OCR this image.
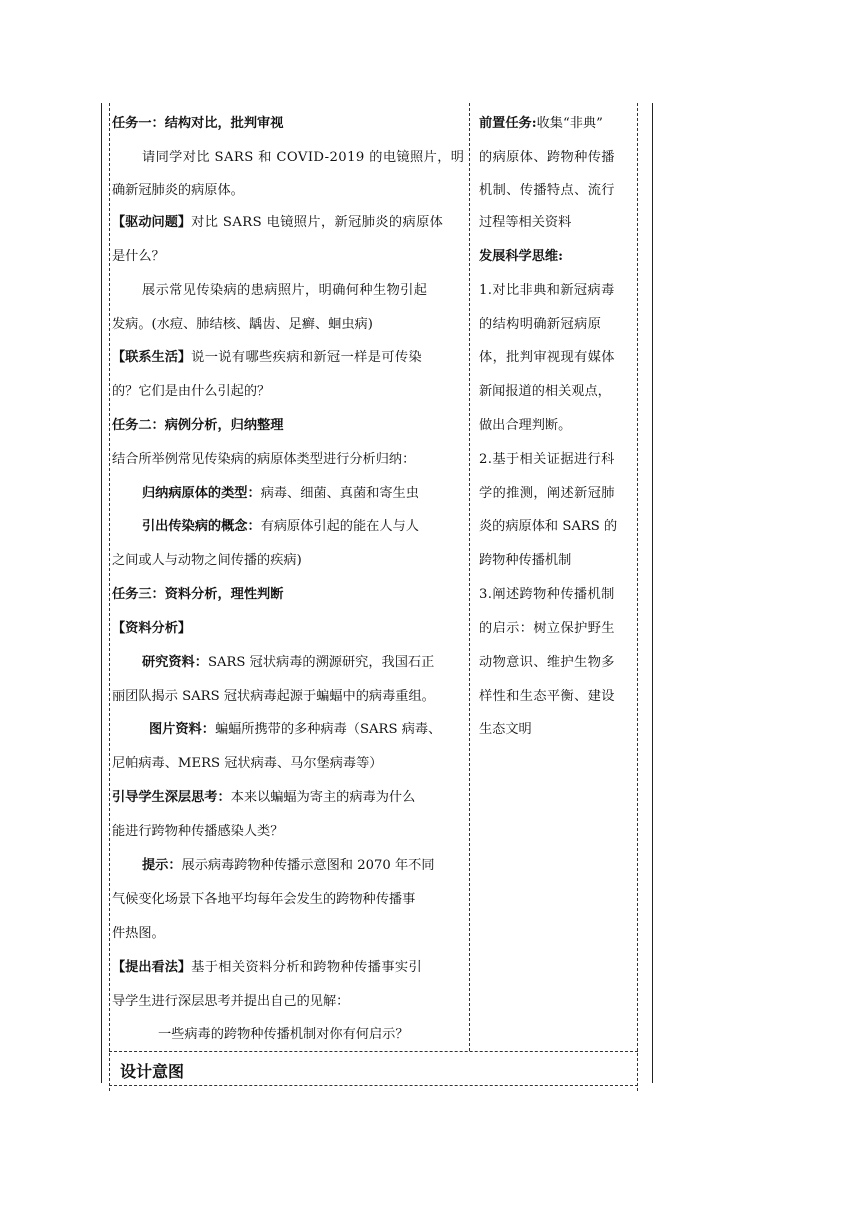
任务一：结构对比，批判审视
请同学对比 SARS 和 COVID-2019 的电镜照片，明
确新冠肺炎的病原体。
【驱动问题】对比 SARS 电镜照片，新冠肺炎的病原体
是什么？
展示常见传染病的患病照片，明确何种生物引起
发病。(水痘、肺结核、龋齿、足癣、蛔虫病)
【联系生活】说一说有哪些疾病和新冠一样是可传染
的？它们是由什么引起的？
任务二：病例分析，归纳整理
结合所举例常见传染病的病原体类型进行分析归纳：
归纳病原体的类型：病毒、细菌、真菌和寄生虫
引出传染病的概念：有病原体引起的能在人与人
之间或人与动物之间传播的疾病)
任务三：资料分析，理性判断
【资料分析】
研究资料：SARS 冠状病毒的溯源研究，我国石正
丽团队揭示 SARS 冠状病毒起源于蝙蝠中的病毒重组。
图片资料：蝙蝠所携带的多种病毒（SARS 病毒、
尼帕病毒、MERS 冠状病毒、马尔堡病毒等）
引导学生深层思考：本来以蝙蝠为寄主的病毒为什么
能进行跨物种传播感染人类？
提示：展示病毒跨物种传播示意图和 2070 年不同
气候变化场景下各地平均每年会发生的跨物种传播事
件热图。
【提出看法】基于相关资料分析和跨物种传播事实引
导学生进行深层思考并提出自己的见解：
一些病毒的跨物种传播机制对你有何启示？
前置任务:收集“非典”
的病原体、跨物种传播
机制、传播特点、流行
过程等相关资料
发展科学思维:
1.对比非典和新冠病毒
的结构明确新冠病原
体，批判审视现有媒体
新闻报道的相关观点，
做出合理判断。
2.基于相关证据进行科
学的推测，阐述新冠肺
炎的病原体和 SARS 的
跨物种传播机制
3.阐述跨物种传播机制
的启示：树立保护野生
动物意识、维护生物多
样性和生态平衡、建设
生态文明
设计意图
